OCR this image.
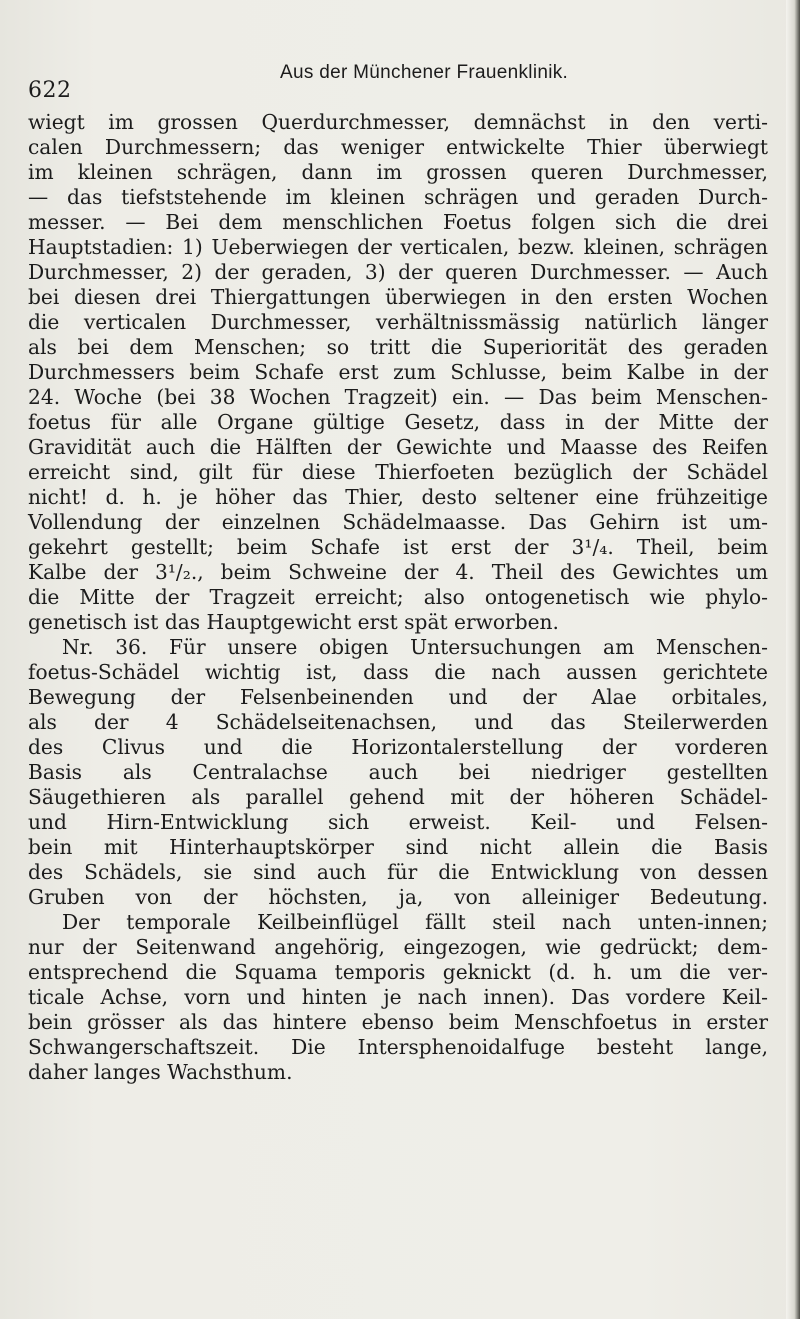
622
Aus der Münchener Frauenklinik.
wiegt im grossen Querdurchmesser, demnächst in den verti-
calen Durchmessern; das weniger entwickelte Thier überwiegt
im kleinen schrägen, dann im grossen queren Durchmesser,
— das tiefststehende im kleinen schrägen und geraden Durch-
messer. — Bei dem menschlichen Foetus folgen sich die drei
Hauptstadien: 1) Ueberwiegen der verticalen, bezw. kleinen, schrägen
Durchmesser, 2) der geraden, 3) der queren Durchmesser. — Auch
bei diesen drei Thiergattungen überwiegen in den ersten Wochen
die verticalen Durchmesser, verhältnissmässig natürlich länger
als bei dem Menschen; so tritt die Superiorität des geraden
Durchmessers beim Schafe erst zum Schlusse, beim Kalbe in der
24. Woche (bei 38 Wochen Tragzeit) ein. — Das beim Menschen-
foetus für alle Organe gültige Gesetz, dass in der Mitte der
Gravidität auch die Hälften der Gewichte und Maasse des Reifen
erreicht sind, gilt für diese Thierfoeten bezüglich der Schädel
nicht! d. h. je höher das Thier, desto seltener eine frühzeitige
Vollendung der einzelnen Schädelmaasse. Das Gehirn ist um-
gekehrt gestellt; beim Schafe ist erst der 3¹/₄. Theil, beim
Kalbe der 3¹/₂., beim Schweine der 4. Theil des Gewichtes um
die Mitte der Tragzeit erreicht; also ontogenetisch wie phylo-
genetisch ist das Hauptgewicht erst spät erworben.
Nr. 36. Für unsere obigen Untersuchungen am Menschen-
foetus-Schädel wichtig ist, dass die nach aussen gerichtete
Bewegung der Felsenbeinenden und der Alae orbitales,
als der 4 Schädelseitenachsen, und das Steilerwerden
des Clivus und die Horizontalerstellung der vorderen
Basis als Centralachse auch bei niedriger gestellten
Säugethieren als parallel gehend mit der höheren Schädel-
und Hirn-Entwicklung sich erweist. Keil- und Felsen-
bein mit Hinterhauptskörper sind nicht allein die Basis
des Schädels, sie sind auch für die Entwicklung von dessen
Gruben von der höchsten, ja, von alleiniger Bedeutung.
Der temporale Keilbeinflügel fällt steil nach unten-innen;
nur der Seitenwand angehörig, eingezogen, wie gedrückt; dem-
entsprechend die Squama temporis geknickt (d. h. um die ver-
ticale Achse, vorn und hinten je nach innen). Das vordere Keil-
bein grösser als das hintere ebenso beim Menschfoetus in erster
Schwangerschaftszeit. Die Intersphenoidalfuge besteht lange,
daher langes Wachsthum.
